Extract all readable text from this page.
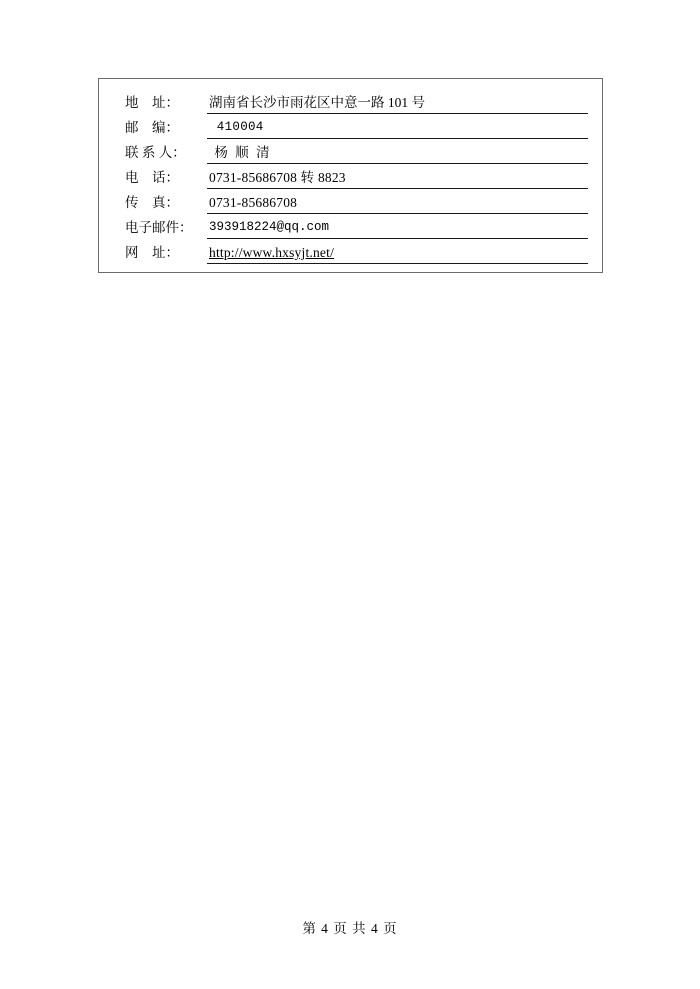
地    址：	湖南省长沙市雨花区中意一路 101 号
邮    编：	410004
联 系 人：	杨 顺 清
电    话：	0731-85686708 转 8823
传    真：	0731-85686708
电子邮件：	393918224@qq.com
网    址：	http://www.hxsyjt.net/
第 4 页 共 4 页
